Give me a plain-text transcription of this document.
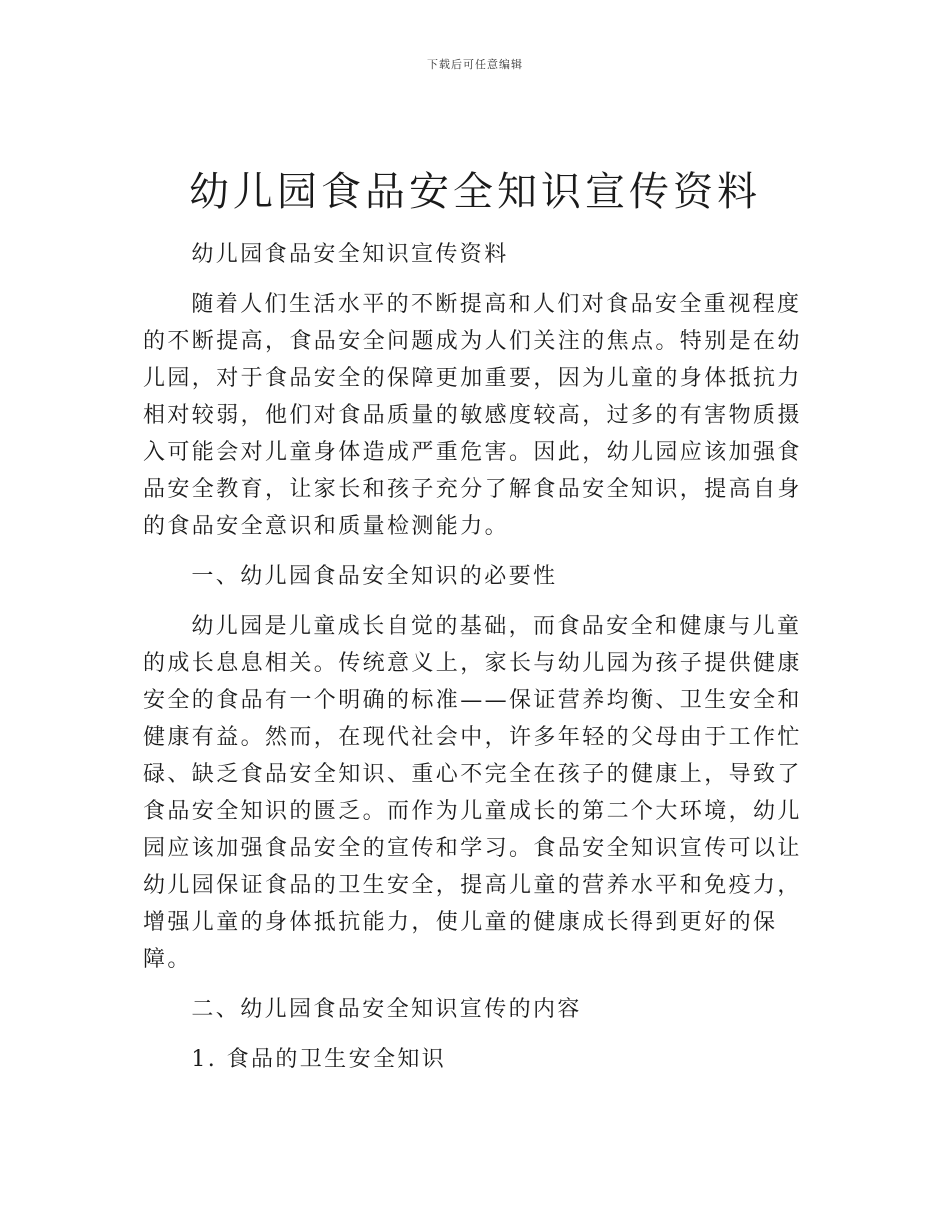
下载后可任意编辑
幼儿园食品安全知识宣传资料

幼儿园食品安全知识宣传资料

随着人们生活水平的不断提高和人们对食品安全重视程度的不断提高，食品安全问题成为人们关注的焦点。特别是在幼儿园，对于食品安全的保障更加重要，因为儿童的身体抵抗力相对较弱，他们对食品质量的敏感度较高，过多的有害物质摄入可能会对儿童身体造成严重危害。因此，幼儿园应该加强食品安全教育，让家长和孩子充分了解食品安全知识，提高自身的食品安全意识和质量检测能力。

一、幼儿园食品安全知识的必要性

幼儿园是儿童成长自觉的基础，而食品安全和健康与儿童的成长息息相关。传统意义上，家长与幼儿园为孩子提供健康安全的食品有一个明确的标准——保证营养均衡、卫生安全和健康有益。然而，在现代社会中，许多年轻的父母由于工作忙碌、缺乏食品安全知识、重心不完全在孩子的健康上，导致了食品安全知识的匮乏。而作为儿童成长的第二个大环境，幼儿园应该加强食品安全的宣传和学习。食品安全知识宣传可以让幼儿园保证食品的卫生安全，提高儿童的营养水平和免疫力，增强儿童的身体抵抗能力，使儿童的健康成长得到更好的保障。

二、幼儿园食品安全知识宣传的内容

1. 食品的卫生安全知识
